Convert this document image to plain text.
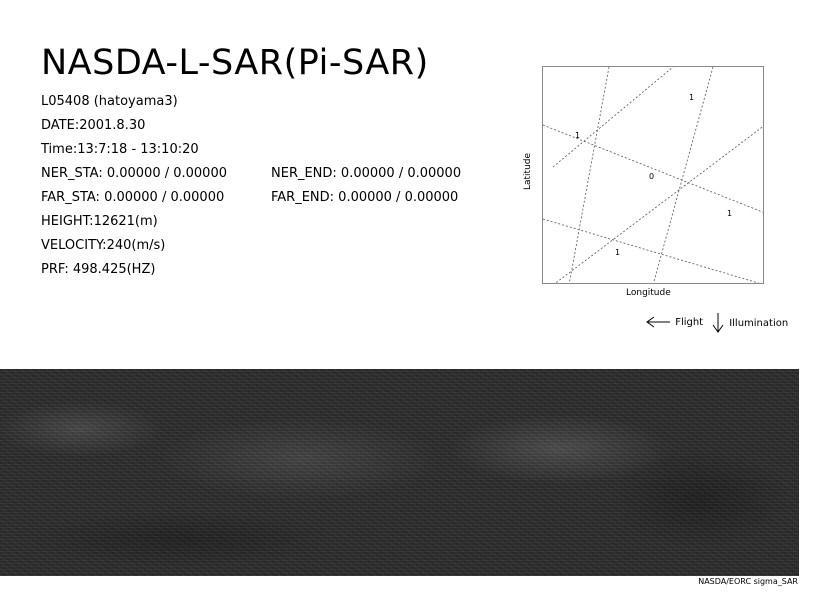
NASDA-L-SAR(Pi-SAR)
L05408 (hatoyama3)
DATE:2001.8.30
Time:13:7:18 - 13:10:20
NER_STA: 0.00000 / 0.00000	NER_END: 0.00000 / 0.00000
FAR_STA: 0.00000 / 0.00000	FAR_END: 0.00000 / 0.00000
HEIGHT:12621(m)
VELOCITY:240(m/s)
PRF: 498.425(HZ)
1
1
0
1
1
Latitude
Longitude
Flight	Illumination
NASDA/EORC sigma_SAR
